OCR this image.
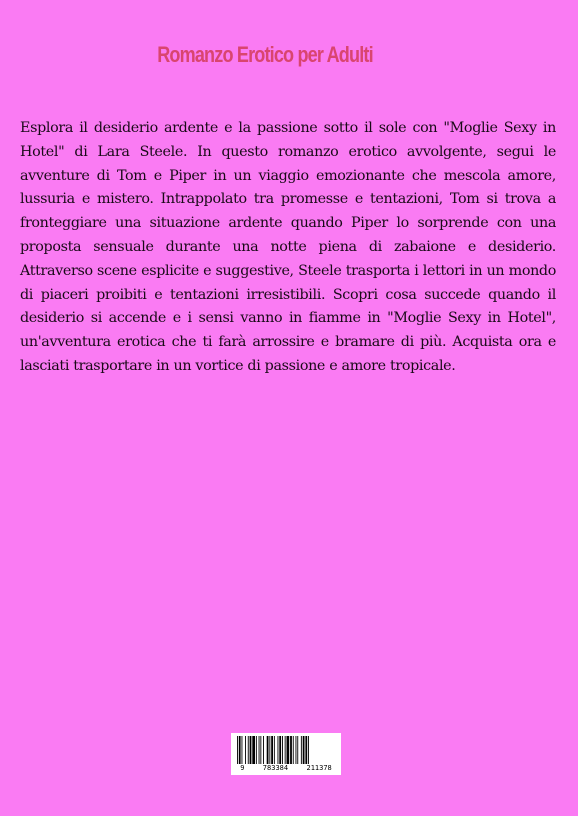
Romanzo Erotico per Adulti

Esplora il desiderio ardente e la passione sotto il sole con "Moglie Sexy in Hotel" di Lara Steele. In questo romanzo erotico avvolgente, segui le avventure di Tom e Piper in un viaggio emozionante che mescola amore, lussuria e mistero. Intrappolato tra promesse e tentazioni, Tom si trova a fronteggiare una situazione ardente quando Piper lo sorprende con una proposta sensuale durante una notte piena di zabaione e desiderio. Attraverso scene esplicite e suggestive, Steele trasporta i lettori in un mondo di piaceri proibiti e tentazioni irresistibili. Scopri cosa succede quando il desiderio si accende e i sensi vanno in fiamme in "Moglie Sexy in Hotel", un'avventura erotica che ti farà arrossire e bramare di più. Acquista ora e lasciati trasportare in un vortice di passione e amore tropicale.

9	783384	211378
